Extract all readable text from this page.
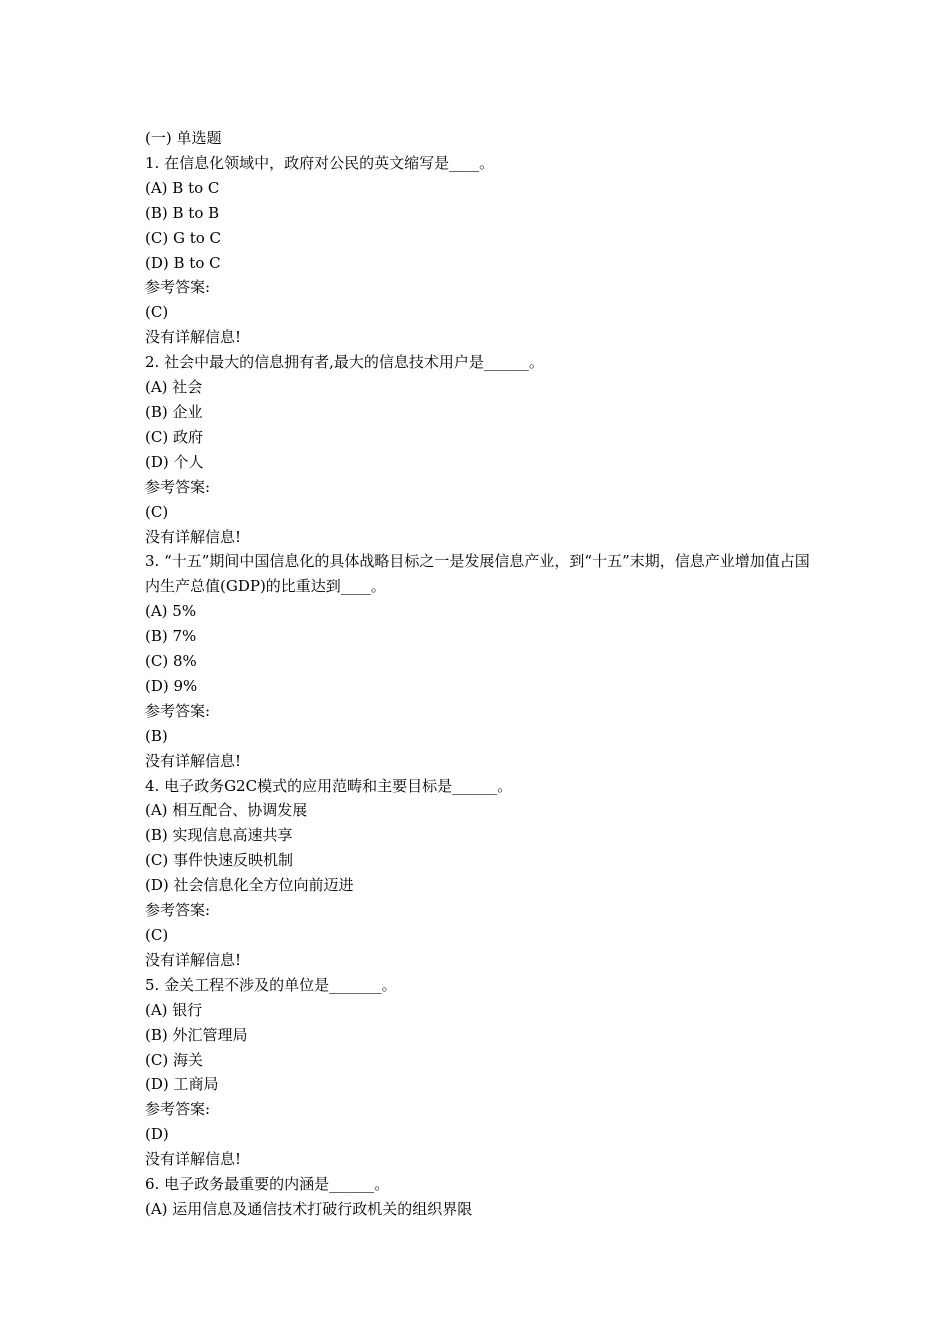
(一) 单选题
1. 在信息化领域中，政府对公民的英文缩写是____。
(A) B to C
(B) B to B
(C) G to C
(D) B to C
参考答案:
(C)
没有详解信息!
2. 社会中最大的信息拥有者,最大的信息技术用户是______。
(A) 社会
(B) 企业
(C) 政府
(D) 个人
参考答案:
(C)
没有详解信息!
3. “十五”期间中国信息化的具体战略目标之一是发展信息产业，到“十五”末期，信息产业增加值占国内生产总值(GDP)的比重达到____。
(A) 5%
(B) 7%
(C) 8%
(D) 9%
参考答案:
(B)
没有详解信息!
4. 电子政务G2C模式的应用范畴和主要目标是______。
(A) 相互配合、协调发展
(B) 实现信息高速共享
(C) 事件快速反映机制
(D) 社会信息化全方位向前迈进
参考答案:
(C)
没有详解信息!
5. 金关工程不涉及的单位是_______。
(A) 银行
(B) 外汇管理局
(C) 海关
(D) 工商局
参考答案:
(D)
没有详解信息!
6. 电子政务最重要的内涵是______。
(A) 运用信息及通信技术打破行政机关的组织界限
